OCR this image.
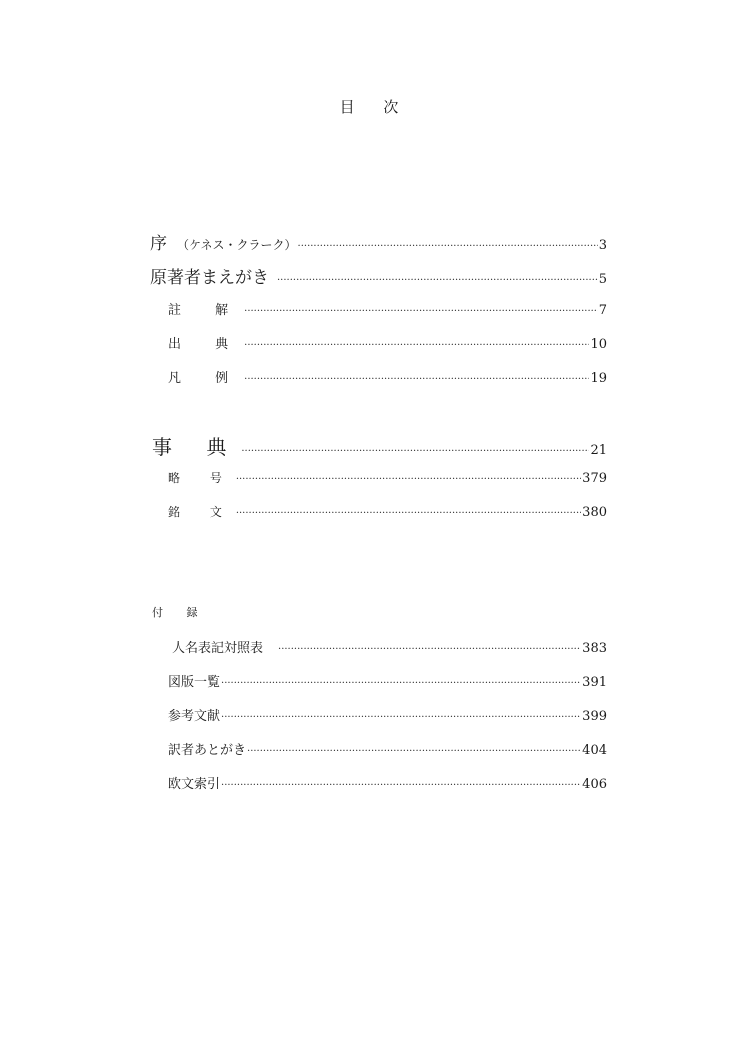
目 次
序 （ケネス・クラーク） ·····	3
原著者まえがき ·····	5
註 解 ·····	7
出 典 ·····	10
凡 例 ·····	19
事 典 ·····	21
略 号 ·····	379
銘 文 ·····	380
付 録
人名表記対照表 ·····	383
図版一覧 ·····	391
参考文献 ·····	399
訳者あとがき ·····	404
欧文索引 ·····	406
